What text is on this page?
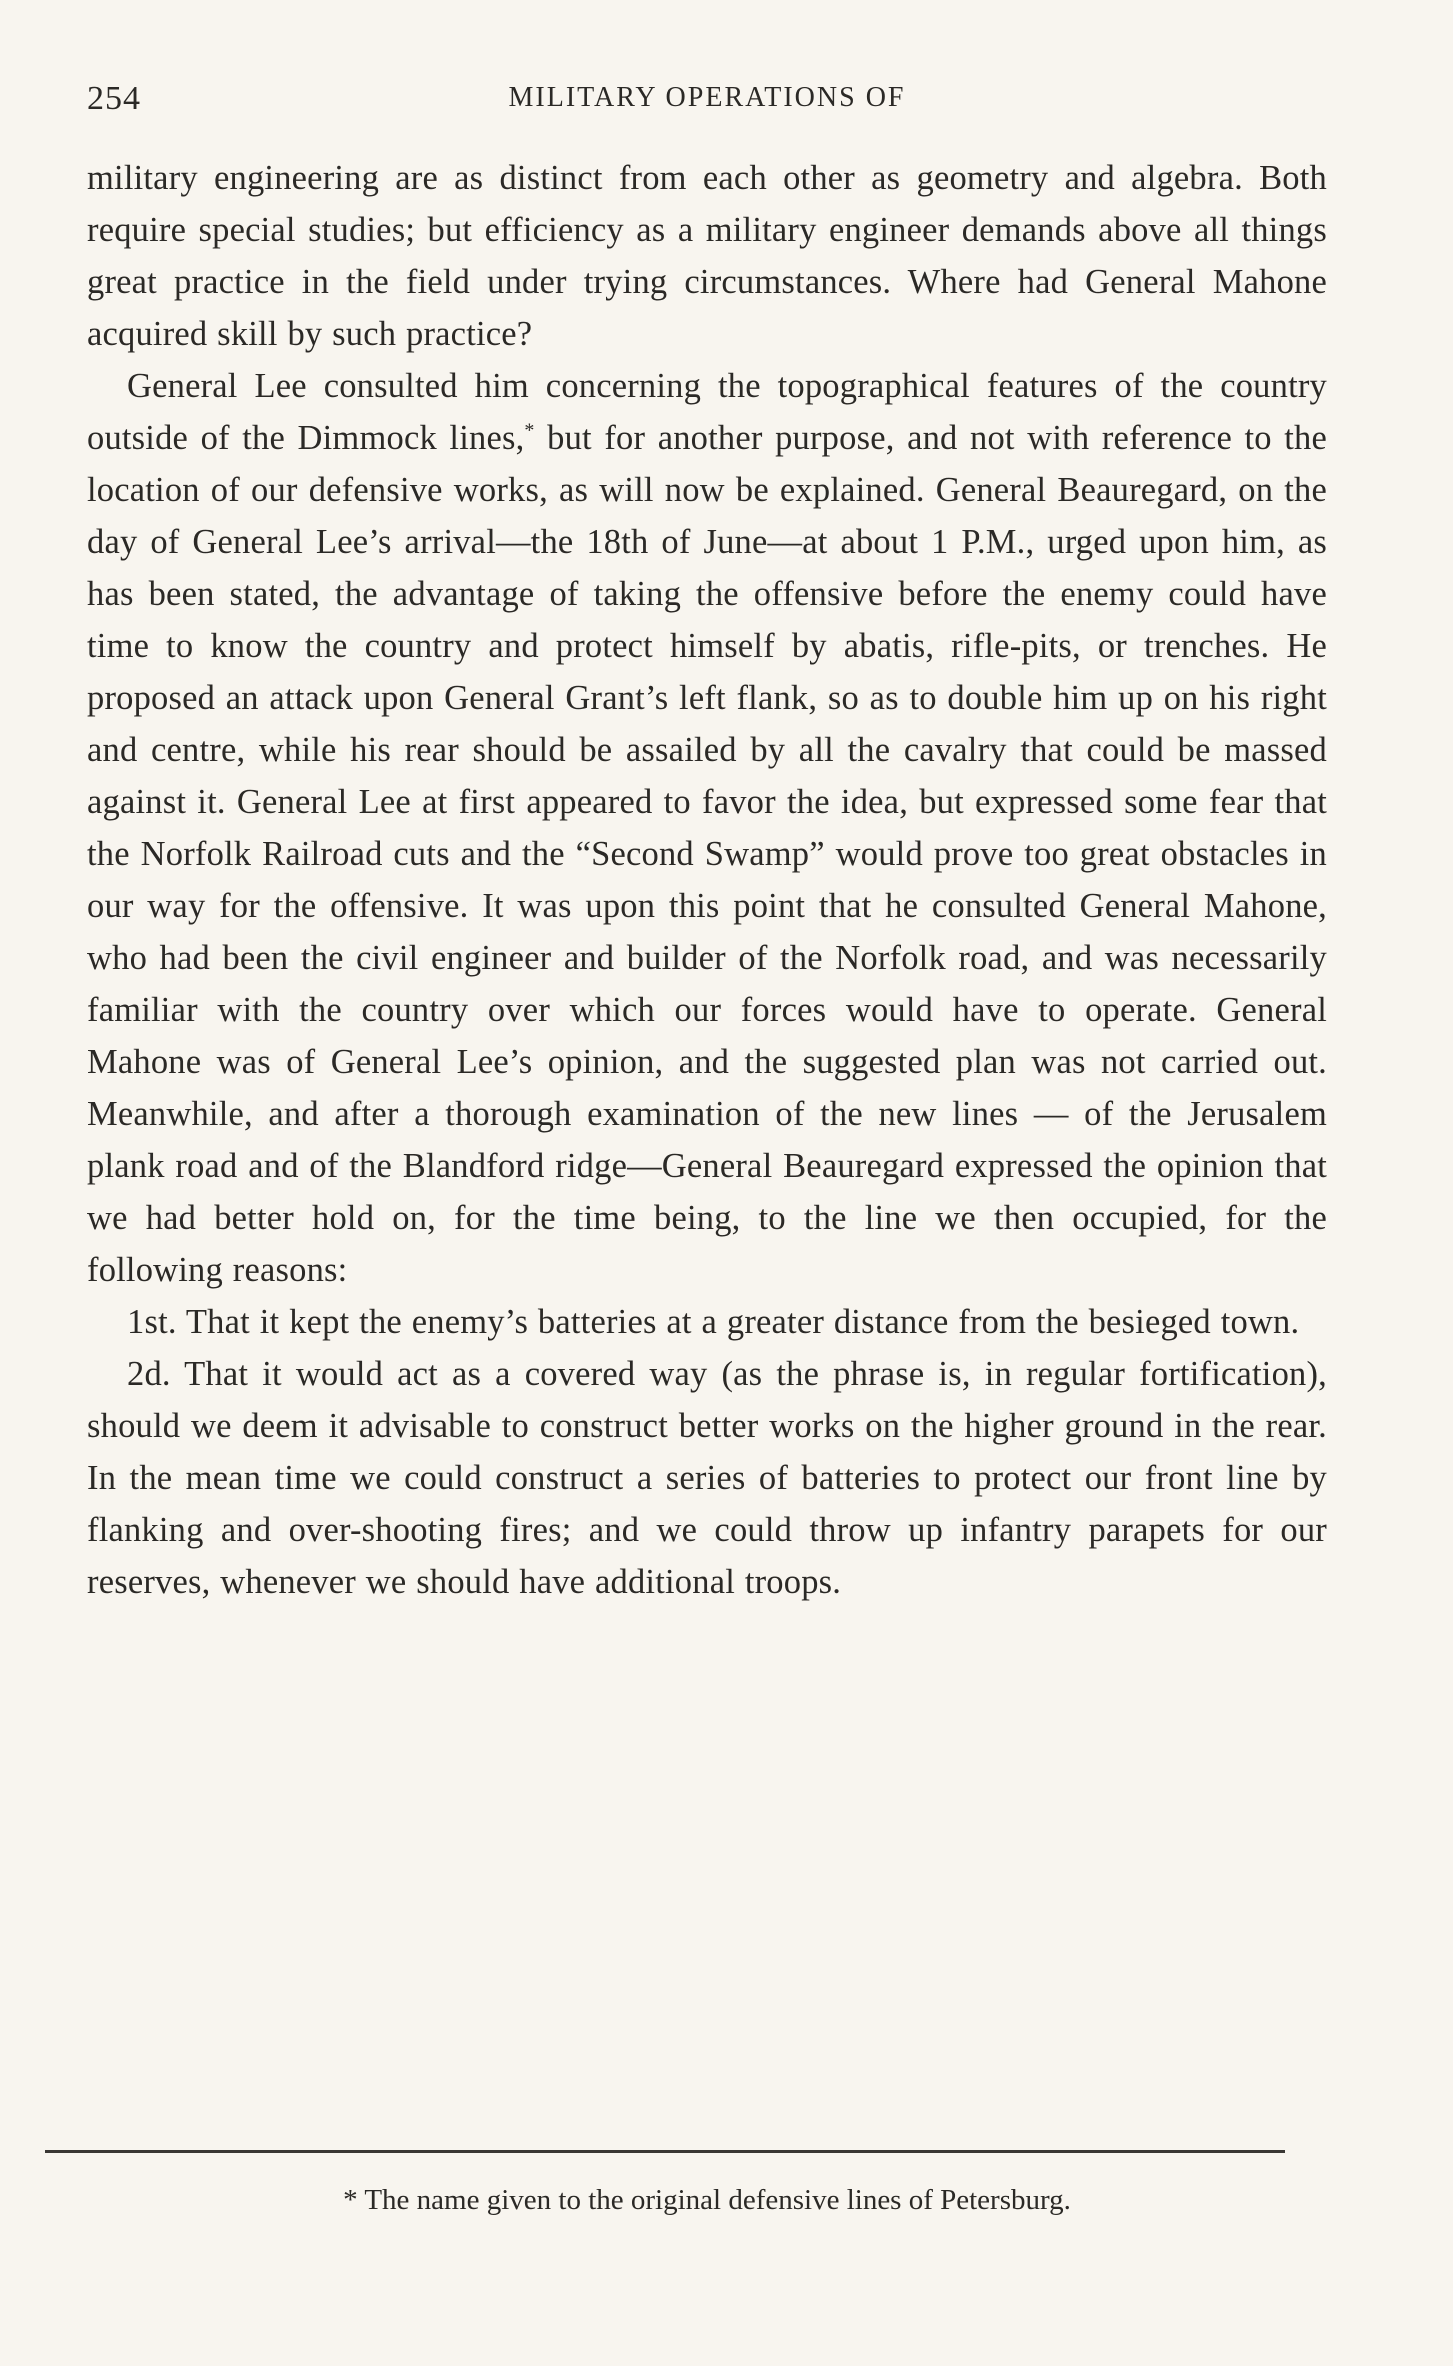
254	MILITARY OPERATIONS OF

military engineering are as distinct from each other as geometry and algebra. Both require special studies; but efficiency as a military engineer demands above all things great practice in the field under trying circumstances. Where had General Mahone acquired skill by such practice?

General Lee consulted him concerning the topographical features of the country outside of the Dimmock lines,* but for another purpose, and not with reference to the location of our defensive works, as will now be explained. General Beauregard, on the day of General Lee’s arrival—the 18th of June—at about 1 P.M., urged upon him, as has been stated, the advantage of taking the offensive before the enemy could have time to know the country and protect himself by abatis, rifle-pits, or trenches. He proposed an attack upon General Grant’s left flank, so as to double him up on his right and centre, while his rear should be assailed by all the cavalry that could be massed against it. General Lee at first appeared to favor the idea, but expressed some fear that the Norfolk Railroad cuts and the “Second Swamp” would prove too great obstacles in our way for the offensive. It was upon this point that he consulted General Mahone, who had been the civil engineer and builder of the Norfolk road, and was necessarily familiar with the country over which our forces would have to operate. General Mahone was of General Lee’s opinion, and the suggested plan was not carried out. Meanwhile, and after a thorough examination of the new lines — of the Jerusalem plank road and of the Blandford ridge—General Beauregard expressed the opinion that we had better hold on, for the time being, to the line we then occupied, for the following reasons:

1st. That it kept the enemy’s batteries at a greater distance from the besieged town.

2d. That it would act as a covered way (as the phrase is, in regular fortification), should we deem it advisable to construct better works on the higher ground in the rear. In the mean time we could construct a series of batteries to protect our front line by flanking and over-shooting fires; and we could throw up infantry parapets for our reserves, whenever we should have additional troops.

* The name given to the original defensive lines of Petersburg.
